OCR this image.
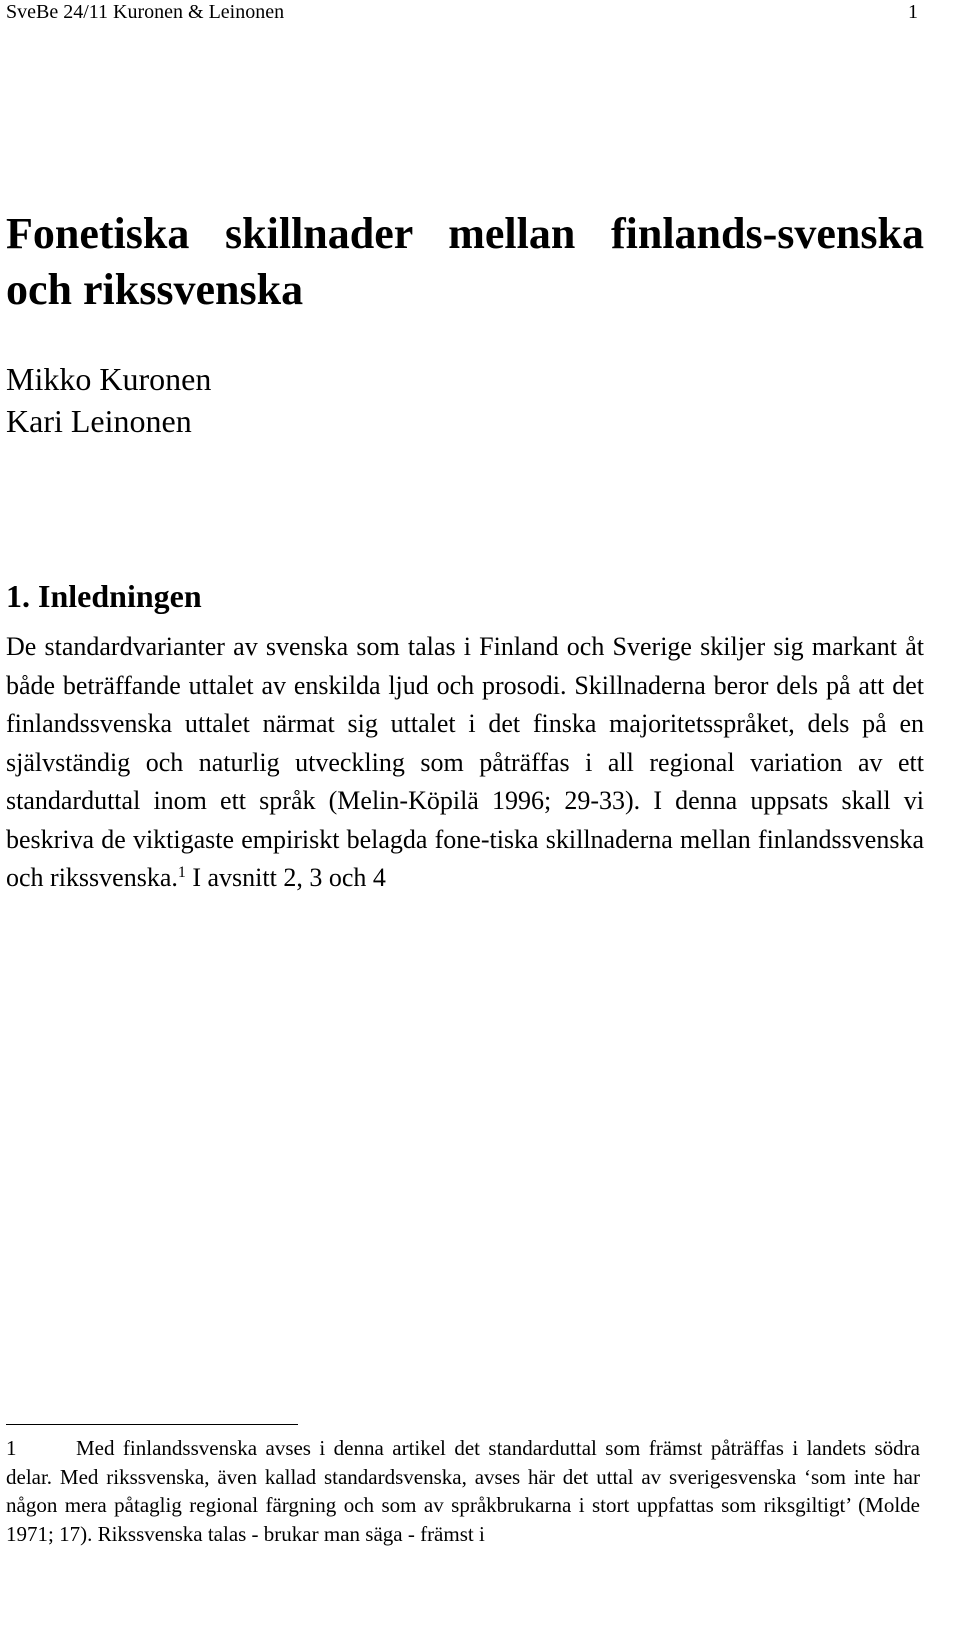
SveBe 24/11 Kuronen & Leinonen	1
Fonetiska skillnader mellan finlands-svenska och rikssvenska
Mikko Kuronen
Kari Leinonen
1. Inledningen

De standardvarianter av svenska som talas i Finland och Sverige skiljer sig markant åt både beträffande uttalet av enskilda ljud och prosodi. Skillnaderna beror dels på att det finlandssvenska uttalet närmat sig uttalet i det finska majoritetsspråket, dels på en självständig och naturlig utveckling som påträffas i all regional variation av ett standarduttal inom ett språk (Melin-Köpilä 1996; 29-33). I denna uppsats skall vi beskriva de viktigaste empiriskt belagda fone-tiska skillnaderna mellan finlandssvenska och rikssvenska.$^1$ I avsnitt 2, 3 och 4

1	Med finlandssvenska avses i denna artikel det standarduttal som främst påträffas i landets södra delar. Med rikssvenska, även kallad standardsvenska, avses här det uttal av sverigesvenska ‘som inte har någon mera påtaglig regional färgning och som av språkbrukarna i stort uppfattas som riksgiltigt’ (Molde 1971; 17). Rikssvenska talas - brukar man säga - främst i
